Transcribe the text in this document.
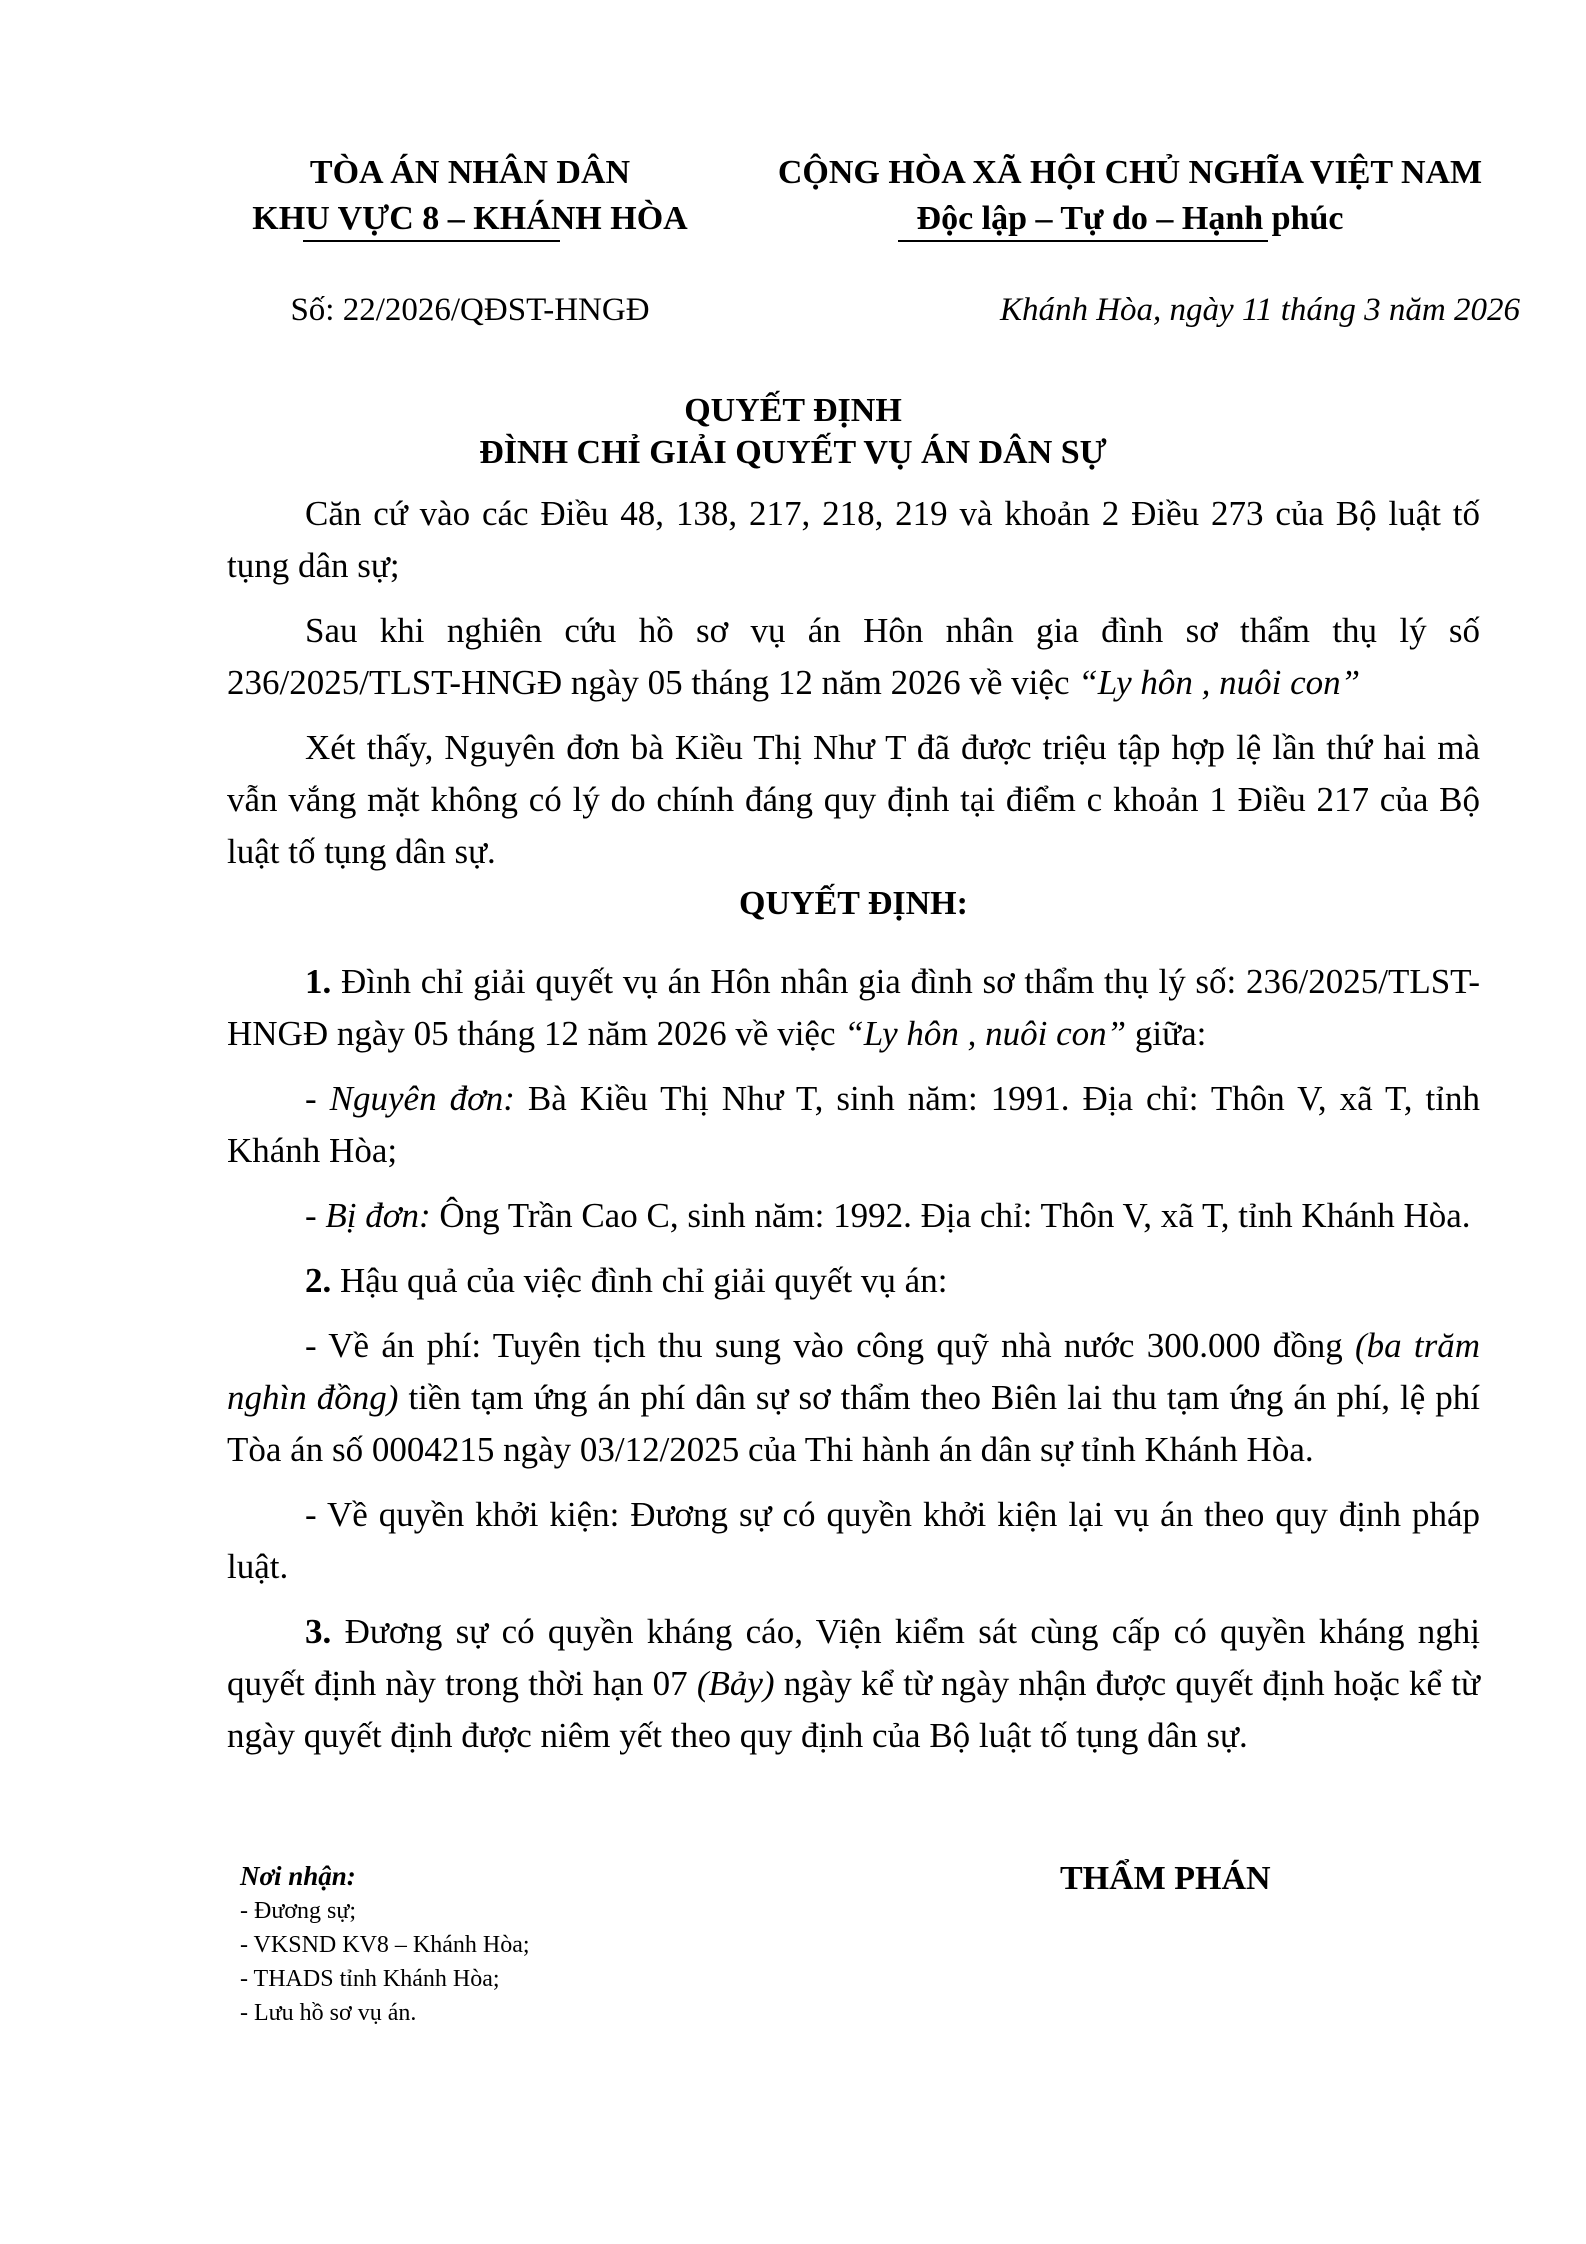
TÒA ÁN NHÂN DÂN
KHU VỰC 8 – KHÁNH HÒA
CỘNG HÒA XÃ HỘI CHỦ NGHĨA VIỆT NAM
Độc lập – Tự do – Hạnh phúc
Số: 22/2026/QĐST-HNGĐ	Khánh Hòa, ngày 11 tháng 3 năm 2026
QUYẾT ĐỊNH
ĐÌNH CHỈ GIẢI QUYẾT VỤ ÁN DÂN SỰ

Căn cứ vào các Điều 48, 138, 217, 218, 219 và khoản 2 Điều 273 của Bộ luật tố tụng dân sự;

Sau khi nghiên cứu hồ sơ vụ án Hôn nhân gia đình sơ thẩm thụ lý số 236/2025/TLST-HNGĐ ngày 05 tháng 12 năm 2026 về việc “Ly hôn , nuôi con”

Xét thấy, Nguyên đơn bà Kiều Thị Như T đã được triệu tập hợp lệ lần thứ hai mà vẫn vắng mặt không có lý do chính đáng quy định tại điểm c khoản 1 Điều 217 của Bộ luật tố tụng dân sự.

QUYẾT ĐỊNH:

1. Đình chỉ giải quyết vụ án Hôn nhân gia đình sơ thẩm thụ lý số: 236/2025/TLST-HNGĐ ngày 05 tháng 12 năm 2026 về việc “Ly hôn , nuôi con” giữa:

- Nguyên đơn: Bà Kiều Thị Như T, sinh năm: 1991. Địa chỉ: Thôn V, xã T, tỉnh Khánh Hòa;

- Bị đơn: Ông Trần Cao C, sinh năm: 1992. Địa chỉ: Thôn V, xã T, tỉnh Khánh Hòa.

2. Hậu quả của việc đình chỉ giải quyết vụ án:

- Về án phí: Tuyên tịch thu sung vào công quỹ nhà nước 300.000 đồng (ba trăm nghìn đồng) tiền tạm ứng án phí dân sự sơ thẩm theo Biên lai thu tạm ứng án phí, lệ phí Tòa án số 0004215 ngày 03/12/2025 của Thi hành án dân sự tỉnh Khánh Hòa.

- Về quyền khởi kiện: Đương sự có quyền khởi kiện lại vụ án theo quy định pháp luật.

3. Đương sự có quyền kháng cáo, Viện kiểm sát cùng cấp có quyền kháng nghị quyết định này trong thời hạn 07 (Bảy) ngày kể từ ngày nhận được quyết định hoặc kể từ ngày quyết định được niêm yết theo quy định của Bộ luật tố tụng dân sự.

Nơi nhận:
- Đương sự;
- VKSND KV8 – Khánh Hòa;
- THADS tỉnh Khánh Hòa;
- Lưu hồ sơ vụ án.
THẨM PHÁN
